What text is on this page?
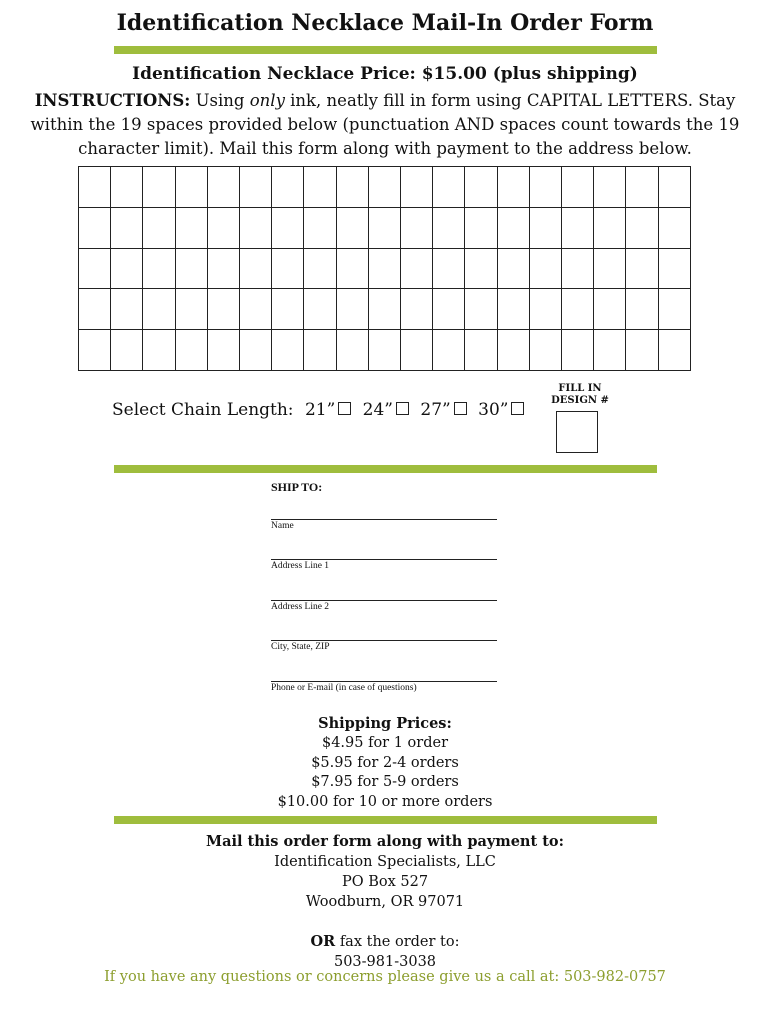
Identification Necklace Mail-In Order Form
Identification Necklace Price: $15.00 (plus shipping)
INSTRUCTIONS: Using only ink, neatly fill in form using CAPITAL LETTERS. Stay within the 19 spaces provided below (punctuation AND spaces count towards the 19 character limit). Mail this form along with payment to the address below.

Select Chain Length: 21” 24” 27” 30”
FILL IN
DESIGN #
SHIP TO:
Name
Address Line 1
Address Line 2
City, State, ZIP
Phone or E-mail (in case of questions)
Shipping Prices:
$4.95 for 1 order
$5.95 for 2-4 orders
$7.95 for 5-9 orders
$10.00 for 10 or more orders
Mail this order form along with payment to:
Identification Specialists, LLC
PO Box 527
Woodburn, OR 97071
OR fax the order to:
503-981-3038
If you have any questions or concerns please give us a call at: 503-982-0757
